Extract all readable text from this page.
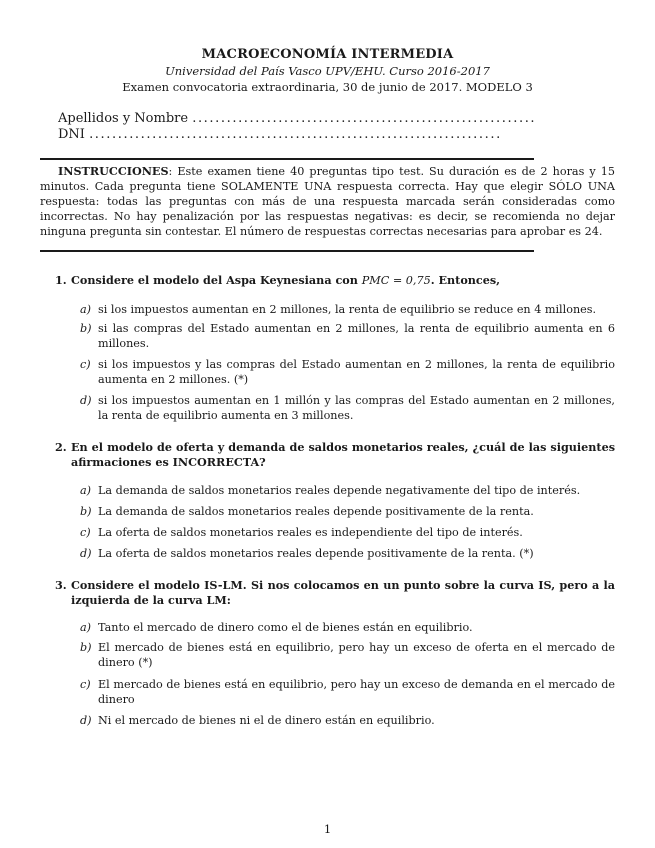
MACROECONOMÍA INTERMEDIA
Universidad del País Vasco UPV/EHU. Curso 2016-2017
Examen convocatoria extraordinaria, 30 de junio de 2017. MODELO 3
Apellidos y Nombre ............................................................
DNI ........................................................................
INSTRUCCIONES: Este examen tiene 40 preguntas tipo test. Su duración es de 2 horas y 15 minutos. Cada pregunta tiene SOLAMENTE UNA respuesta correcta. Hay que elegir SÓLO UNA respuesta: todas las preguntas con más de una respuesta marcada serán consideradas como incorrectas. No hay penalización por las respuestas negativas: es decir, se recomienda no dejar ninguna pregunta sin contestar. El número de respuestas correctas necesarias para aprobar es 24.
1. Considere el modelo del Aspa Keynesiana con PMC = 0,75. Entonces,
a) si los impuestos aumentan en 2 millones, la renta de equilibrio se reduce en 4 millones.
b) si las compras del Estado aumentan en 2 millones, la renta de equilibrio aumenta en 6 millones.
c) si los impuestos y las compras del Estado aumentan en 2 millones, la renta de equilibrio aumenta en 2 millones. (*)
d) si los impuestos aumentan en 1 millón y las compras del Estado aumentan en 2 millones, la renta de equilibrio aumenta en 3 millones.
2. En el modelo de oferta y demanda de saldos monetarios reales, ¿cuál de las siguientes afirmaciones es INCORRECTA?
a) La demanda de saldos monetarios reales depende negativamente del tipo de interés.
b) La demanda de saldos monetarios reales depende positivamente de la renta.
c) La oferta de saldos monetarios reales es independiente del tipo de interés.
d) La oferta de saldos monetarios reales depende positivamente de la renta. (*)
3. Considere el modelo IS-LM. Si nos colocamos en un punto sobre la curva IS, pero a la izquierda de la curva LM:
a) Tanto el mercado de dinero como el de bienes están en equilibrio.
b) El mercado de bienes está en equilibrio, pero hay un exceso de oferta en el mercado de dinero (*)
c) El mercado de bienes está en equilibrio, pero hay un exceso de demanda en el mercado de dinero
d) Ni el mercado de bienes ni el de dinero están en equilibrio.
1
